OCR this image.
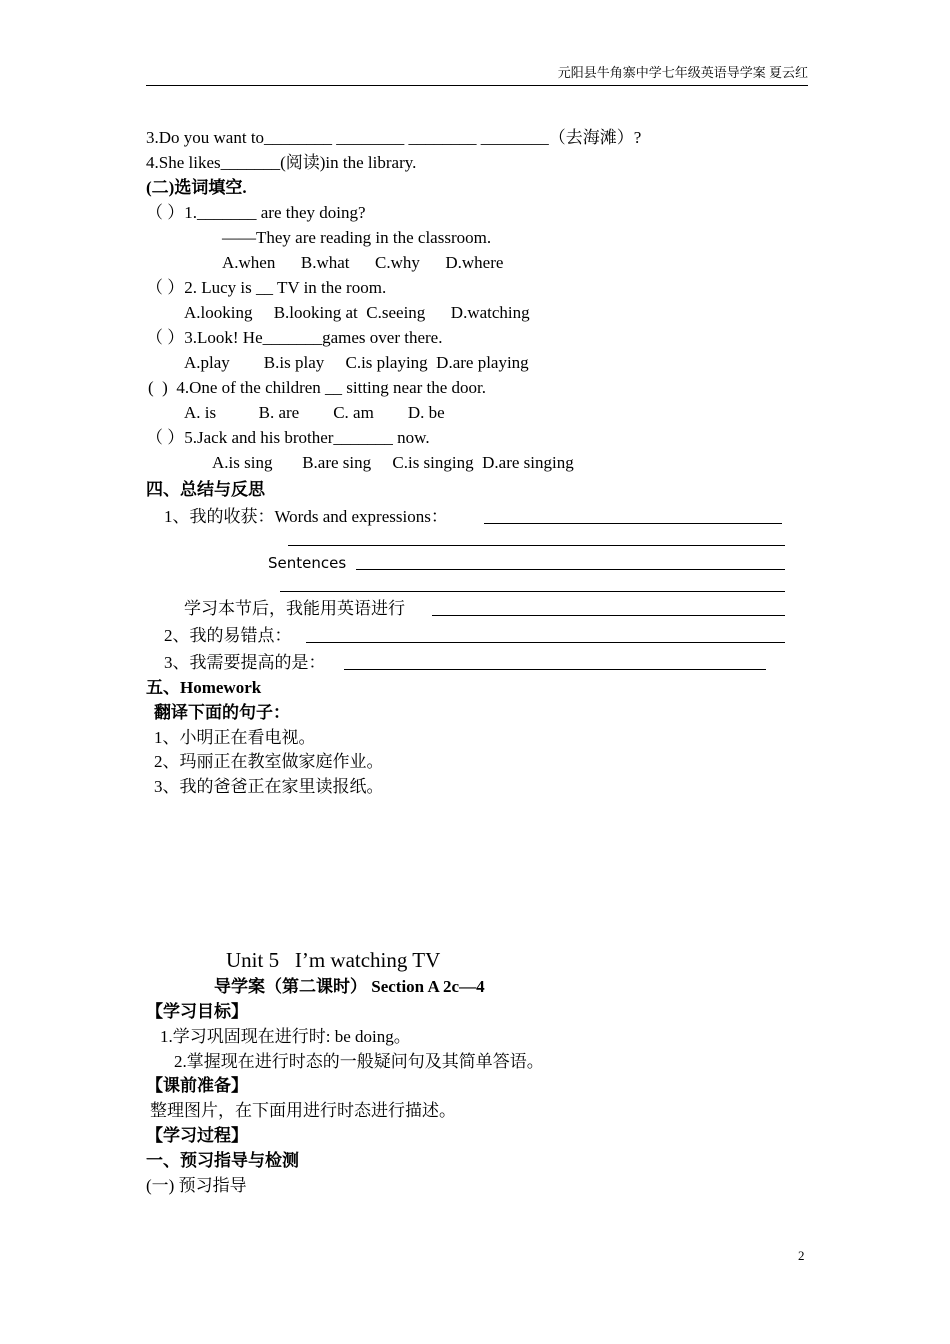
元阳县牛角寨中学七年级英语导学案 夏云红
3.Do you want to________ ________ ________ ________（去海滩）?
4.She likes_______(阅读)in the library.
(二)选词填空.
（ ）1._______ are they doing?
——They are reading in the classroom.
A.when      B.what      C.why      D.where
（ ）2. Lucy is __ TV in the room.
A.looking     B.looking at  C.seeing      D.watching
（ ）3.Look! He_______games over there.
A.play        B.is play     C.is playing  D.are playing
(  )  4.One of the children __ sitting near the door.
A. is          B. are        C. am        D. be
（ ）5.Jack and his brother_______ now.
A.is sing       B.are sing     C.is singing  D.are singing
四、总结与反思
1、我的收获：Words and expressions：
Sentences
学习本节后，我能用英语进行
2、我的易错点：
3、我需要提高的是：
五、Homework
翻译下面的句子：
1、小明正在看电视。
2、玛丽正在教室做家庭作业。
3、我的爸爸正在家里读报纸。
Unit 5   I’m watching TV
导学案（第二课时） Section A 2c—4
【学习目标】
1.学习巩固现在进行时: be doing。
2.掌握现在进行时态的一般疑问句及其简单答语。
【课前准备】
整理图片，在下面用进行时态进行描述。
【学习过程】
一、预习指导与检测
(一) 预习指导
2
